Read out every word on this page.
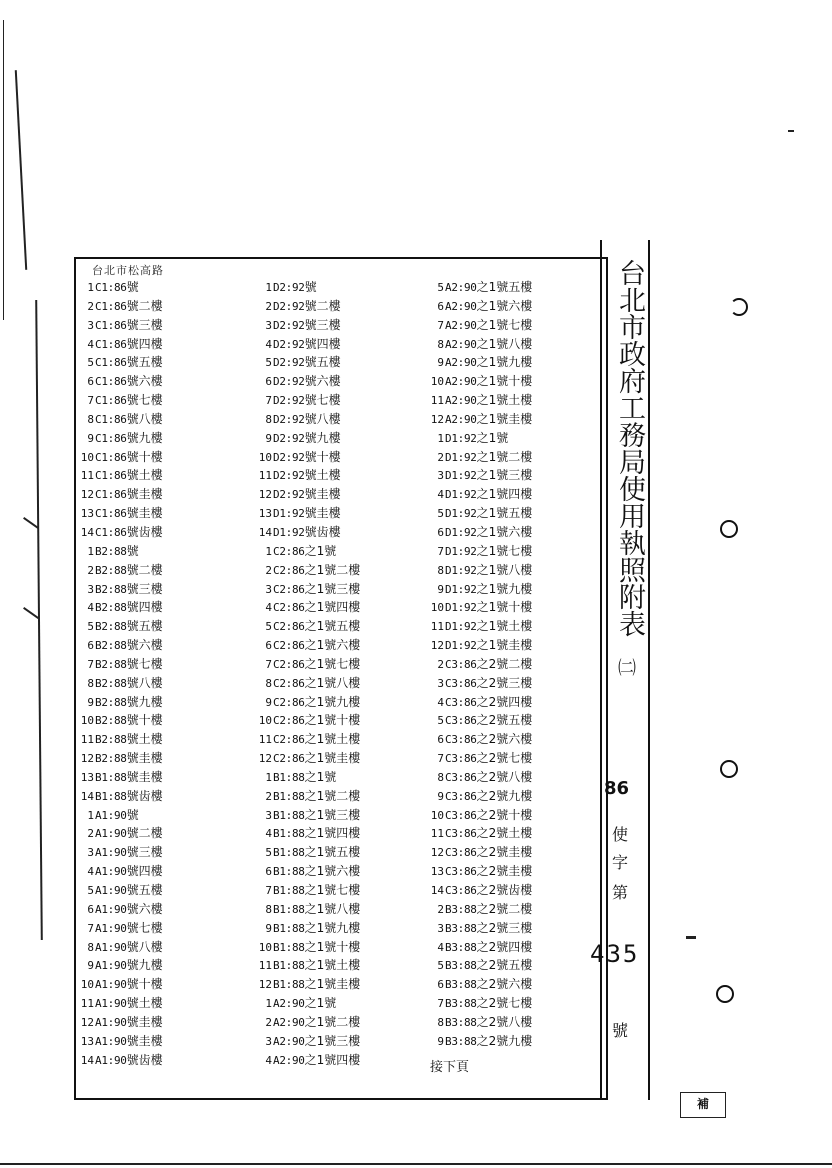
台北市松高路
1C1:86號
2C1:86號二樓
3C1:86號三樓
4C1:86號四樓
5C1:86號五樓
6C1:86號六樓
7C1:86號七樓
8C1:86號八樓
9C1:86號九樓
10C1:86號十樓
11C1:86號土樓
12C1:86號圭樓
13C1:86號圭樓
14C1:86號齿樓
1B2:88號
2B2:88號二樓
3B2:88號三樓
4B2:88號四樓
5B2:88號五樓
6B2:88號六樓
7B2:88號七樓
8B2:88號八樓
9B2:88號九樓
10B2:88號十樓
11B2:88號土樓
12B2:88號圭樓
13B1:88號圭樓
14B1:88號齿樓
1A1:90號
2A1:90號二樓
3A1:90號三樓
4A1:90號四樓
5A1:90號五樓
6A1:90號六樓
7A1:90號七樓
8A1:90號八樓
9A1:90號九樓
10A1:90號十樓
11A1:90號土樓
12A1:90號圭樓
13A1:90號圭樓
14A1:90號齿樓
1D2:92號
2D2:92號二樓
3D2:92號三樓
4D2:92號四樓
5D2:92號五樓
6D2:92號六樓
7D2:92號七樓
8D2:92號八樓
9D2:92號九樓
10D2:92號十樓
11D2:92號土樓
12D2:92號圭樓
13D1:92號圭樓
14D1:92號齿樓
1C2:86之1號
2C2:86之1號二樓
3C2:86之1號三樓
4C2:86之1號四樓
5C2:86之1號五樓
6C2:86之1號六樓
7C2:86之1號七樓
8C2:86之1號八樓
9C2:86之1號九樓
10C2:86之1號十樓
11C2:86之1號土樓
12C2:86之1號圭樓
1B1:88之1號
2B1:88之1號二樓
3B1:88之1號三樓
4B1:88之1號四樓
5B1:88之1號五樓
6B1:88之1號六樓
7B1:88之1號七樓
8B1:88之1號八樓
9B1:88之1號九樓
10B1:88之1號十樓
11B1:88之1號土樓
12B1:88之1號圭樓
1A2:90之1號
2A2:90之1號二樓
3A2:90之1號三樓
4A2:90之1號四樓
5A2:90之1號五樓
6A2:90之1號六樓
7A2:90之1號七樓
8A2:90之1號八樓
9A2:90之1號九樓
10A2:90之1號十樓
11A2:90之1號土樓
12A2:90之1號圭樓
1D1:92之1號
2D1:92之1號二樓
3D1:92之1號三樓
4D1:92之1號四樓
5D1:92之1號五樓
6D1:92之1號六樓
7D1:92之1號七樓
8D1:92之1號八樓
9D1:92之1號九樓
10D1:92之1號十樓
11D1:92之1號土樓
12D1:92之1號圭樓
2C3:86之2號二樓
3C3:86之2號三樓
4C3:86之2號四樓
5C3:86之2號五樓
6C3:86之2號六樓
7C3:86之2號七樓
8C3:86之2號八樓
9C3:86之2號九樓
10C3:86之2號十樓
11C3:86之2號土樓
12C3:86之2號圭樓
13C3:86之2號圭樓
14C3:86之2號齿樓
2B3:88之2號二樓
3B3:88之2號三樓
4B3:88之2號四樓
5B3:88之2號五樓
6B3:88之2號六樓
7B3:88之2號七樓
8B3:88之2號八樓
9B3:88之2號九樓
接下頁
台北市政府工務局使用執照附表
㈡
86
使
字
第
435
號
補
